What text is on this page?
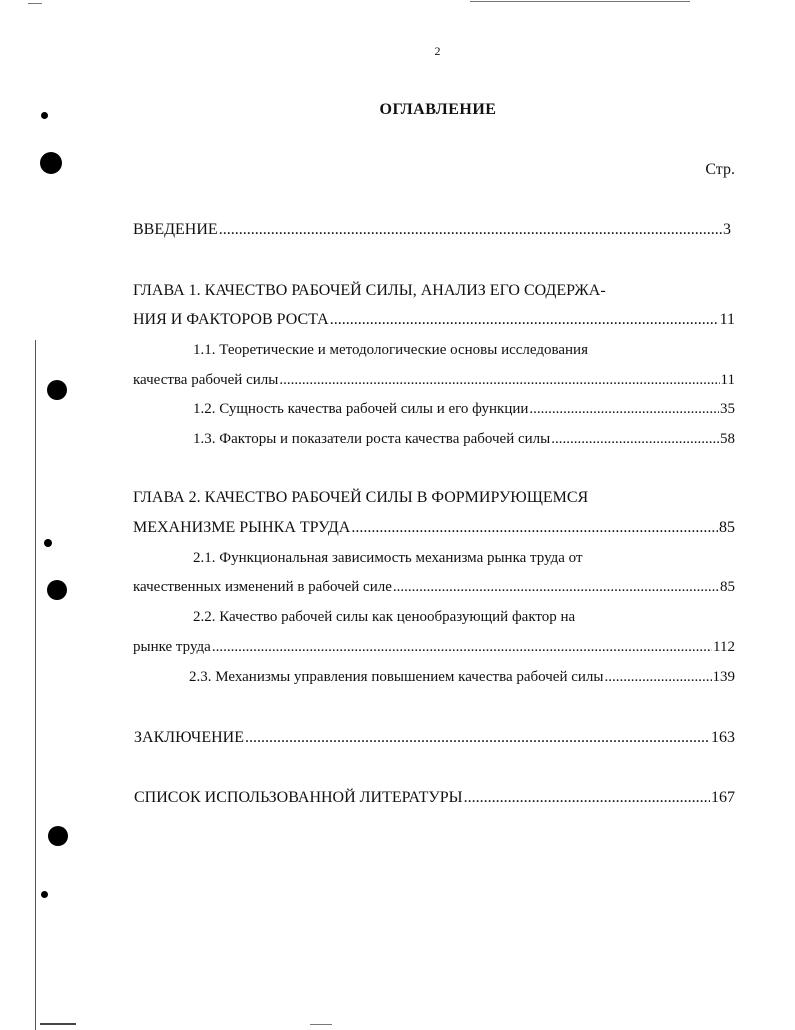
2
ОГЛАВЛЕНИЕ
Стр.
ВВЕДЕНИЕ .....	3
ГЛАВА 1. КАЧЕСТВО РАБОЧЕЙ СИЛЫ, АНАЛИЗ ЕГО СОДЕРЖА-
НИЯ И ФАКТОРОВ РОСТА .....	11
1.1. Теоретические и методологические основы исследования
качества рабочей силы .....	11
1.2. Сущность качества рабочей силы и его функции .....	35
1.3. Факторы и показатели роста качества рабочей силы .....	58
ГЛАВА 2. КАЧЕСТВО РАБОЧЕЙ СИЛЫ В ФОРМИРУЮЩЕМСЯ
МЕХАНИЗМЕ РЫНКА ТРУДА .....	85
2.1. Функциональная зависимость механизма рынка труда от
качественных изменений в рабочей силе .....	85
2.2. Качество рабочей силы как ценообразующий фактор на
рынке труда .....	112
2.3. Механизмы управления повышением качества рабочей силы .....	139
ЗАКЛЮЧЕНИЕ .....	163
СПИСОК ИСПОЛЬЗОВАННОЙ ЛИТЕРАТУРЫ .....	167
